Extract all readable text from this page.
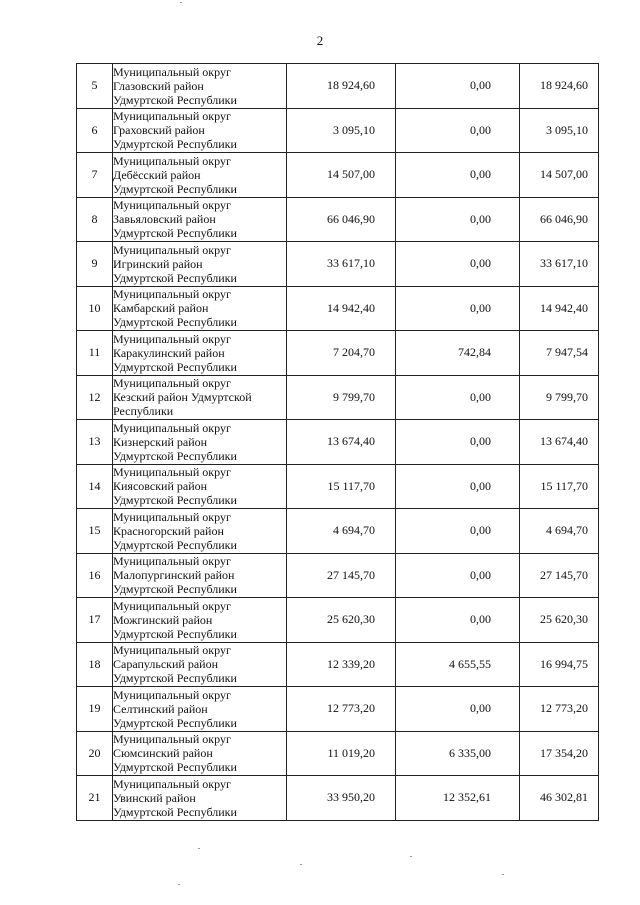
2
5	Муниципальный округ
Глазовский район
Удмуртской Республики	18 924,60	0,00	18 924,60
6	Муниципальный округ
Граховский район
Удмуртской Республики	3 095,10	0,00	3 095,10
7	Муниципальный округ
Дебёсский район
Удмуртской Республики	14 507,00	0,00	14 507,00
8	Муниципальный округ
Завьяловский район
Удмуртской Республики	66 046,90	0,00	66 046,90
9	Муниципальный округ
Игринский район
Удмуртской Республики	33 617,10	0,00	33 617,10
10	Муниципальный округ
Камбарский район
Удмуртской Республики	14 942,40	0,00	14 942,40
11	Муниципальный округ
Каракулинский район
Удмуртской Республики	7 204,70	742,84	7 947,54
12	Муниципальный округ
Кезский район Удмуртской
Республики	9 799,70	0,00	9 799,70
13	Муниципальный округ
Кизнерский район
Удмуртской Республики	13 674,40	0,00	13 674,40
14	Муниципальный округ
Киясовский район
Удмуртской Республики	15 117,70	0,00	15 117,70
15	Муниципальный округ
Красногорский район
Удмуртской Республики	4 694,70	0,00	4 694,70
16	Муниципальный округ
Малопургинский район
Удмуртской Республики	27 145,70	0,00	27 145,70
17	Муниципальный округ
Можгинский район
Удмуртской Республики	25 620,30	0,00	25 620,30
18	Муниципальный округ
Сарапульский район
Удмуртской Республики	12 339,20	4 655,55	16 994,75
19	Муниципальный округ
Селтинский район
Удмуртской Республики	12 773,20	0,00	12 773,20
20	Муниципальный округ
Сюмсинский район
Удмуртской Республики	11 019,20	6 335,00	17 354,20
21	Муниципальный округ
Увинский район
Удмуртской Республики	33 950,20	12 352,61	46 302,81
